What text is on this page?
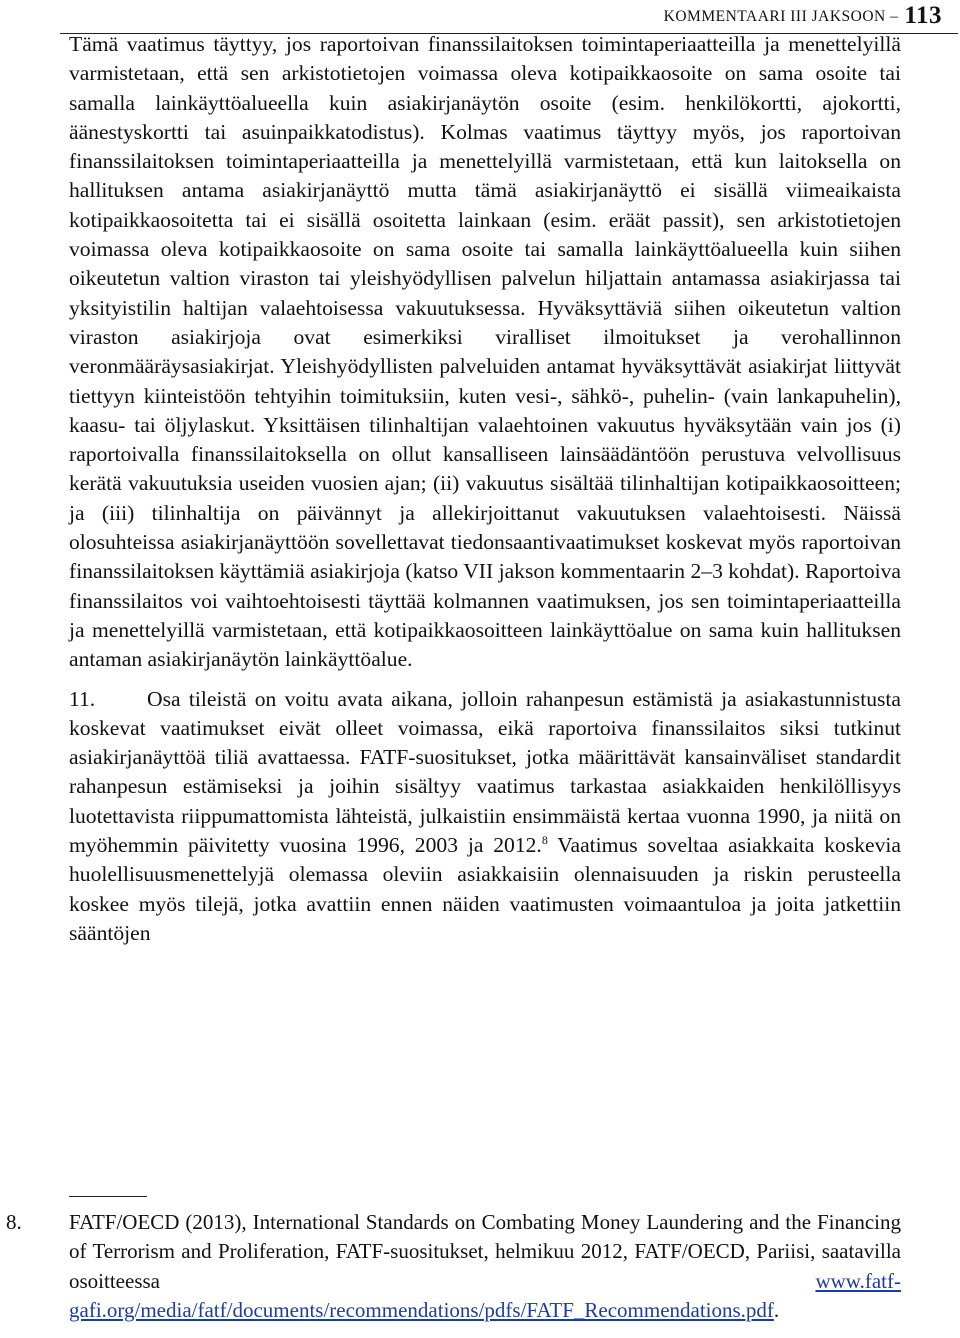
KOMMENTAARI III JAKSOON – 113

Tämä vaatimus täyttyy, jos raportoivan finanssilaitoksen toimintaperiaatteilla ja menettelyillä varmistetaan, että sen arkistotietojen voimassa oleva kotipaikkaosoite on sama osoite tai samalla lainkäyttöalueella kuin asiakirjanäytön osoite (esim. henkilökortti, ajokortti, äänestyskortti tai asuinpaikkatodistus). Kolmas vaatimus täyttyy myös, jos raportoivan finanssilaitoksen toimintaperiaatteilla ja menettelyillä varmistetaan, että kun laitoksella on hallituksen antama asiakirjanäyttö mutta tämä asiakirjanäyttö ei sisällä viimeaikaista kotipaikkaosoitetta tai ei sisällä osoitetta lainkaan (esim. eräät passit), sen arkistotietojen voimassa oleva kotipaikkaosoite on sama osoite tai samalla lainkäyttöalueella kuin siihen oikeutetun valtion viraston tai yleishyödyllisen palvelun hiljattain antamassa asiakirjassa tai yksityistilin haltijan valaehtoisessa vakuutuksessa. Hyväksyttäviä siihen oikeutetun valtion viraston asiakirjoja ovat esimerkiksi viralliset ilmoitukset ja verohallinnon veronmääräysasiakirjat. Yleishyödyllisten palveluiden antamat hyväksyttävät asiakirjat liittyvät tiettyyn kiinteistöön tehtyihin toimituksiin, kuten vesi-, sähkö-, puhelin- (vain lankapuhelin), kaasu- tai öljylaskut. Yksittäisen tilinhaltijan valaehtoinen vakuutus hyväksytään vain jos (i) raportoivalla finanssilaitoksella on ollut kansalliseen lainsäädäntöön perustuva velvollisuus kerätä vakuutuksia useiden vuosien ajan; (ii) vakuutus sisältää tilinhaltijan kotipaikkaosoitteen; ja (iii) tilinhaltija on päivännyt ja allekirjoittanut vakuutuksen valaehtoisesti. Näissä olosuhteissa asiakirjanäyttöön sovellettavat tiedonsaantivaatimukset koskevat myös raportoivan finanssilaitoksen käyttämiä asiakirjoja (katso VII jakson kommentaarin 2–3 kohdat). Raportoiva finanssilaitos voi vaihtoehtoisesti täyttää kolmannen vaatimuksen, jos sen toimintaperiaatteilla ja menettelyillä varmistetaan, että kotipaikkaosoitteen lainkäyttöalue on sama kuin hallituksen antaman asiakirjanäytön lainkäyttöalue.

11. Osa tileistä on voitu avata aikana, jolloin rahanpesun estämistä ja asiakastunnistusta koskevat vaatimukset eivät olleet voimassa, eikä raportoiva finanssilaitos siksi tutkinut asiakirjanäyttöä tiliä avattaessa. FATF-suositukset, jotka määrittävät kansainväliset standardit rahanpesun estämiseksi ja joihin sisältyy vaatimus tarkastaa asiakkaiden henkilöllisyys luotettavista riippumattomista lähteistä, julkaistiin ensimmäistä kertaa vuonna 1990, ja niitä on myöhemmin päivitetty vuosina 1996, 2003 ja 2012.$^8$ Vaatimus soveltaa asiakkaita koskevia huolellisuusmenettelyjä olemassa oleviin asiakkaisiin olennaisuuden ja riskin perusteella koskee myös tilejä, jotka avattiin ennen näiden vaatimusten voimaantuloa ja joita jatkettiin sääntöjen

8. FATF/OECD (2013), International Standards on Combating Money Laundering and the Financing of Terrorism and Proliferation, FATF-suositukset, helmikuu 2012, FATF/OECD, Pariisi, saatavilla osoitteessa www.fatf-gafi.org/media/fatf/documents/recommendations/pdfs/FATF_Recommendations.pdf.
